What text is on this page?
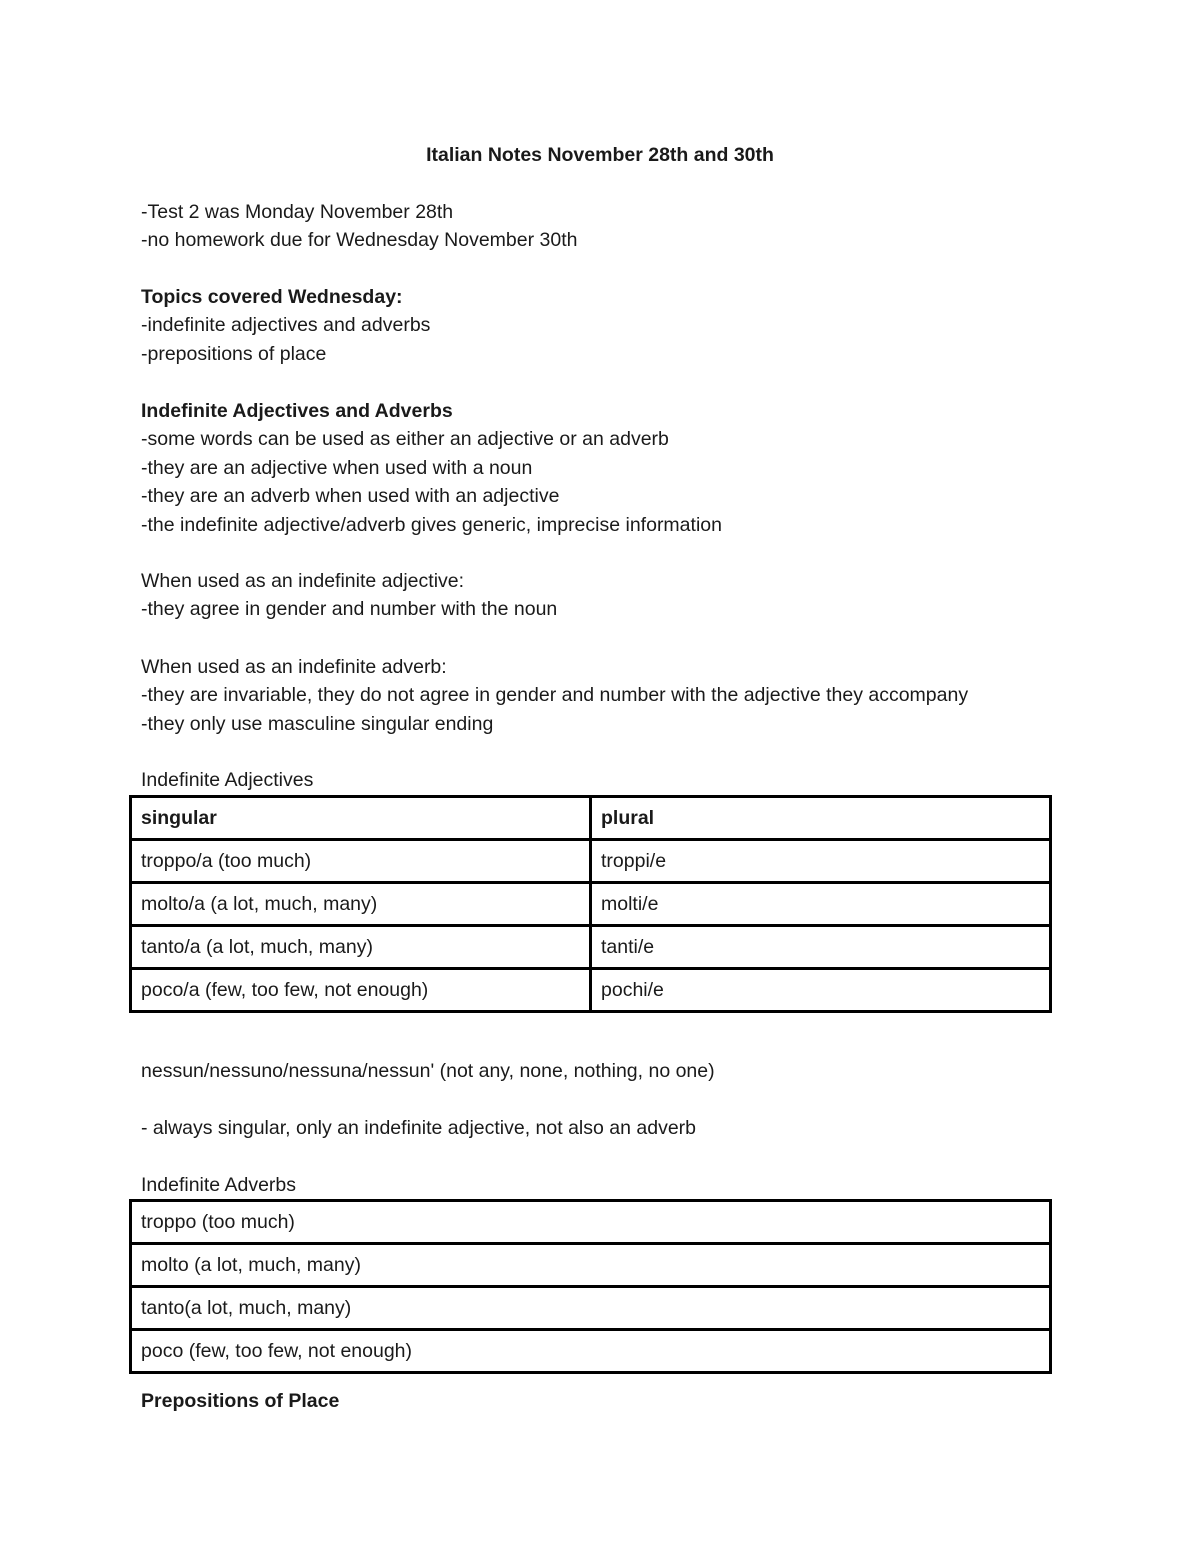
Italian Notes November 28th and 30th

-Test 2 was Monday November 28th

-no homework due for Wednesday November 30th

Topics covered Wednesday:

-indefinite adjectives and adverbs

-prepositions of place

Indefinite Adjectives and Adverbs

-some words can be used as either an adjective or an adverb

-they are an adjective when used with a noun

-they are an adverb when used with an adjective

-the indefinite adjective/adverb gives generic, imprecise information

When used as an indefinite adjective:

-they agree in gender and number with the noun

When used as an indefinite adverb:

-they are invariable, they do not agree in gender and number with the adjective they accompany

-they only use masculine singular ending

Indefinite Adjectives

singular	plural
troppo/a (too much)	troppi/e
molto/a (a lot, much, many)	molti/e
tanto/a (a lot, much, many)	tanti/e
poco/a (few, too few, not enough)	pochi/e

nessun/nessuno/nessuna/nessun' (not any, none, nothing, no one)

- always singular, only an indefinite adjective, not also an adverb

Indefinite Adverbs

troppo (too much)
molto (a lot, much, many)
tanto(a lot, much, many)
poco (few, too few, not enough)

Prepositions of Place
